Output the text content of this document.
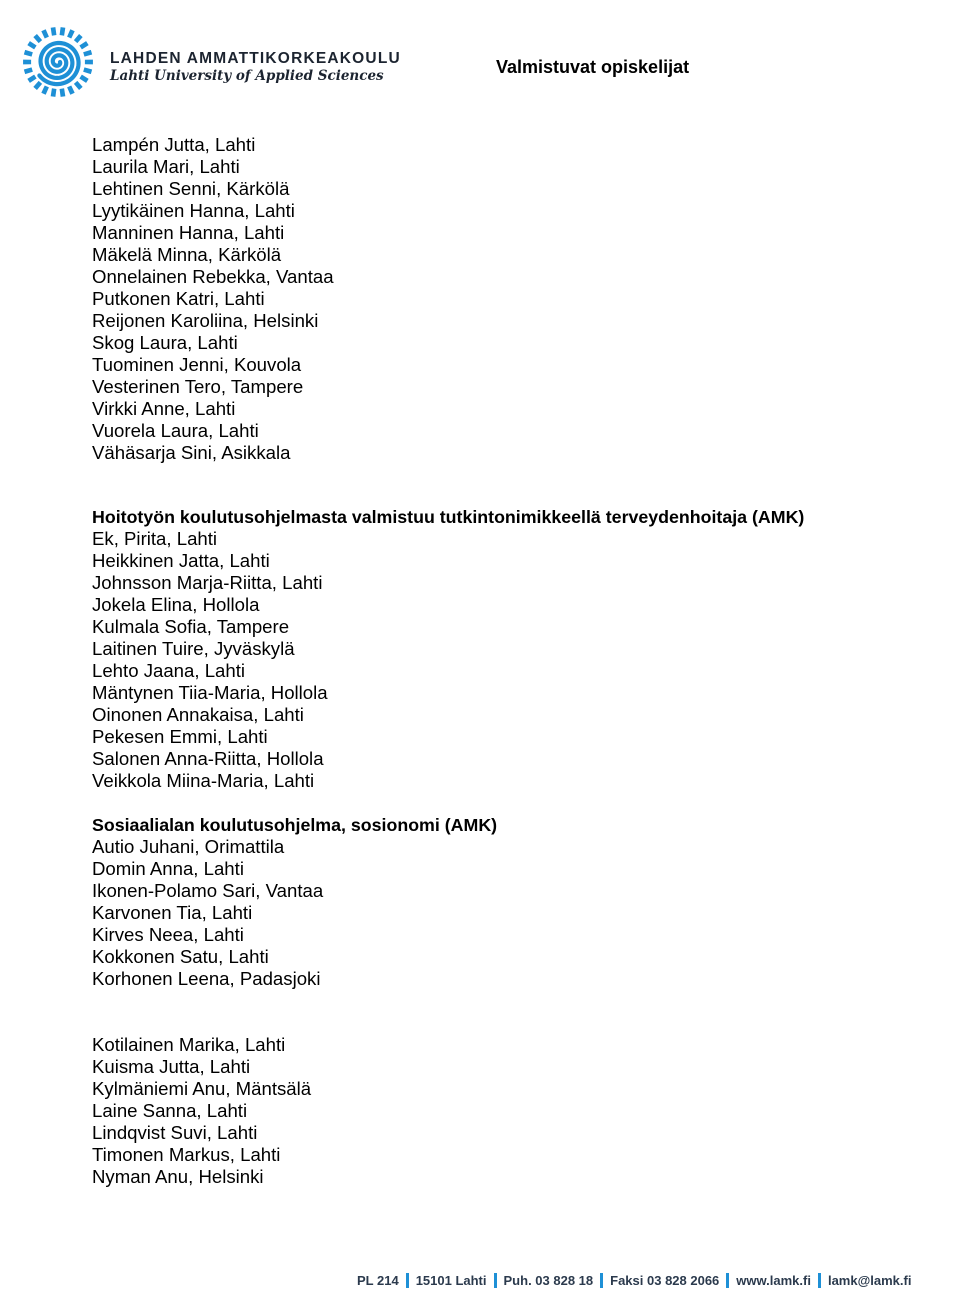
LAHDEN AMMATTIKORKEAKOULU
Lahti University of Applied Sciences	Valmistuvat opiskelijat
Lampén Jutta, Lahti
Laurila Mari, Lahti
Lehtinen Senni, Kärkölä
Lyytikäinen Hanna, Lahti
Manninen Hanna, Lahti
Mäkelä Minna, Kärkölä
Onnelainen Rebekka, Vantaa
Putkonen Katri, Lahti
Reijonen Karoliina, Helsinki
Skog Laura, Lahti
Tuominen Jenni, Kouvola
Vesterinen Tero, Tampere
Virkki Anne, Lahti
Vuorela Laura, Lahti
Vähäsarja Sini, Asikkala
Hoitotyön koulutusohjelmasta valmistuu tutkintonimikkeellä terveydenhoitaja (AMK)
Ek, Pirita, Lahti
Heikkinen Jatta, Lahti
Johnsson Marja-Riitta, Lahti
Jokela Elina, Hollola
Kulmala Sofia, Tampere
Laitinen Tuire, Jyväskylä
Lehto Jaana, Lahti
Mäntynen Tiia-Maria, Hollola
Oinonen Annakaisa, Lahti
Pekesen Emmi, Lahti
Salonen Anna-Riitta, Hollola
Veikkola Miina-Maria, Lahti
Sosiaalialan koulutusohjelma, sosionomi (AMK)
Autio Juhani, Orimattila
Domin Anna, Lahti
Ikonen-Polamo Sari, Vantaa
Karvonen Tia, Lahti
Kirves Neea, Lahti
Kokkonen Satu, Lahti
Korhonen Leena, Padasjoki
Kotilainen Marika, Lahti
Kuisma Jutta, Lahti
Kylmäniemi Anu, Mäntsälä
Laine Sanna, Lahti
Lindqvist Suvi, Lahti
Timonen Markus, Lahti
Nyman Anu, Helsinki
PL 214 15101 Lahti Puh. 03 828 18 Faksi 03 828 2066 www.lamk.fi lamk@lamk.fi
